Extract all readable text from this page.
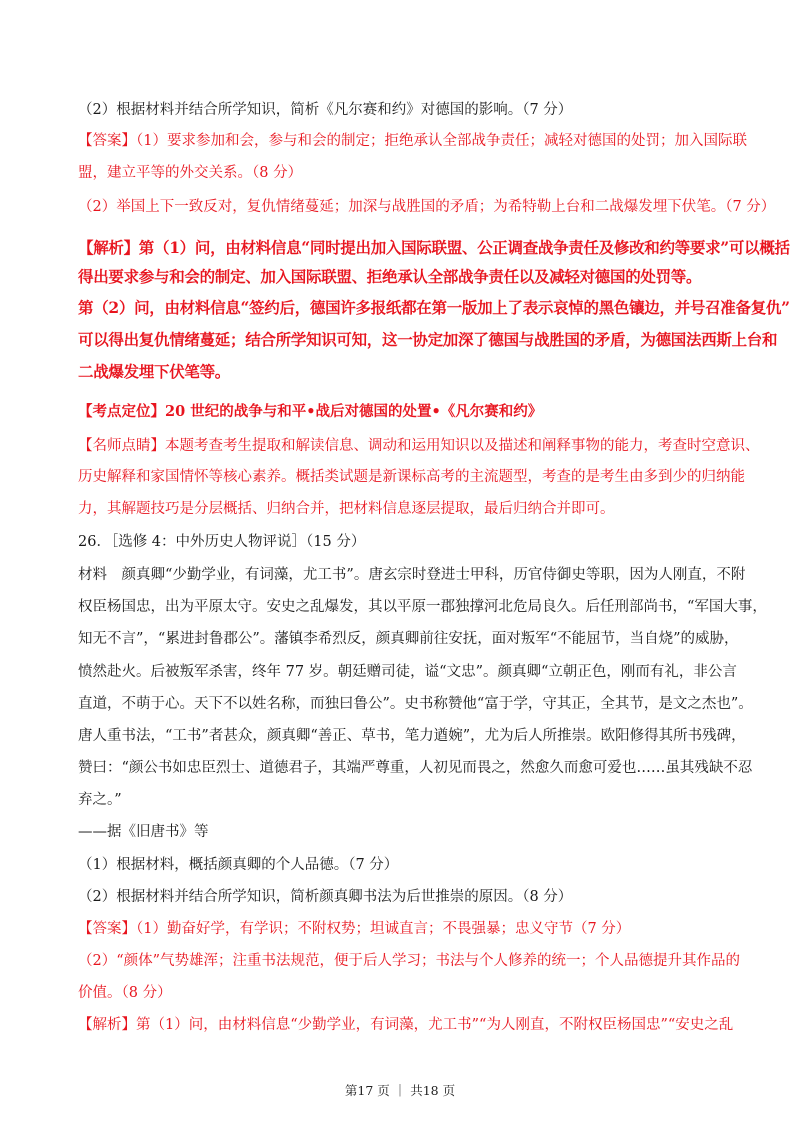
（2）根据材料并结合所学知识，简析《凡尔赛和约》对德国的影响。（7 分）
【答案】（1）要求参加和会，参与和会的制定；拒绝承认全部战争责任；减轻对德国的处罚；加入国际联
盟，建立平等的外交关系。（8 分）
（2）举国上下一致反对，复仇情绪蔓延；加深与战胜国的矛盾；为希特勒上台和二战爆发埋下伏笔。（7 分）
【解析】第（1）问，由材料信息“同时提出加入国际联盟、公正调查战争责任及修改和约等要求”可以概括
得出要求参与和会的制定、加入国际联盟、拒绝承认全部战争责任以及减轻对德国的处罚等。
第（2）问，由材料信息“签约后，德国许多报纸都在第一版加上了表示哀悼的黑色镶边，并号召准备复仇”
可以得出复仇情绪蔓延；结合所学知识可知，这一协定加深了德国与战胜国的矛盾，为德国法西斯上台和
二战爆发埋下伏笔等。
【考点定位】20 世纪的战争与和平•战后对德国的处置•《凡尔赛和约》
【名师点睛】本题考查考生提取和解读信息、调动和运用知识以及描述和阐释事物的能力，考查时空意识、
历史解释和家国情怀等核心素养。概括类试题是新课标高考的主流题型，考查的是考生由多到少的归纳能
力，其解题技巧是分层概括、归纳合并，把材料信息逐层提取，最后归纳合并即可。
26．［选修 4：中外历史人物评说］（15 分）
材料　颜真卿“少勤学业，有词藻，尤工书”。唐玄宗时登进士甲科，历官侍御史等职，因为人刚直，不附
权臣杨国忠，出为平原太守。安史之乱爆发，其以平原一郡独撑河北危局良久。后任刑部尚书，“军国大事，
知无不言”，“累进封鲁郡公”。藩镇李希烈反，颜真卿前往安抚，面对叛军“不能屈节，当自烧”的威胁，
愤然赴火。后被叛军杀害，终年 77 岁。朝廷赠司徒，谥“文忠”。颜真卿“立朝正色，刚而有礼，非公言
直道，不萌于心。天下不以姓名称，而独曰鲁公”。史书称赞他“富于学，守其正，全其节，是文之杰也”。
唐人重书法，“工书”者甚众，颜真卿“善正、草书，笔力遒婉”，尤为后人所推崇。欧阳修得其所书残碑，
赞曰：“颜公书如忠臣烈士、道德君子，其端严尊重，人初见而畏之，然愈久而愈可爱也……虽其残缺不忍
弃之。”
——据《旧唐书》等
（1）根据材料，概括颜真卿的个人品德。（7 分）
（2）根据材料并结合所学知识，简析颜真卿书法为后世推崇的原因。（8 分）
【答案】（1）勤奋好学，有学识；不附权势；坦诚直言；不畏强暴；忠义守节（7 分）
（2）“颜体”气势雄浑；注重书法规范，便于后人学习；书法与个人修养的统一；个人品德提升其作品的
价值。（8 分）
【解析】第（1）问，由材料信息“少勤学业，有词藻，尤工书”“为人刚直，不附权臣杨国忠”“安史之乱
第17 页 ｜ 共18 页
